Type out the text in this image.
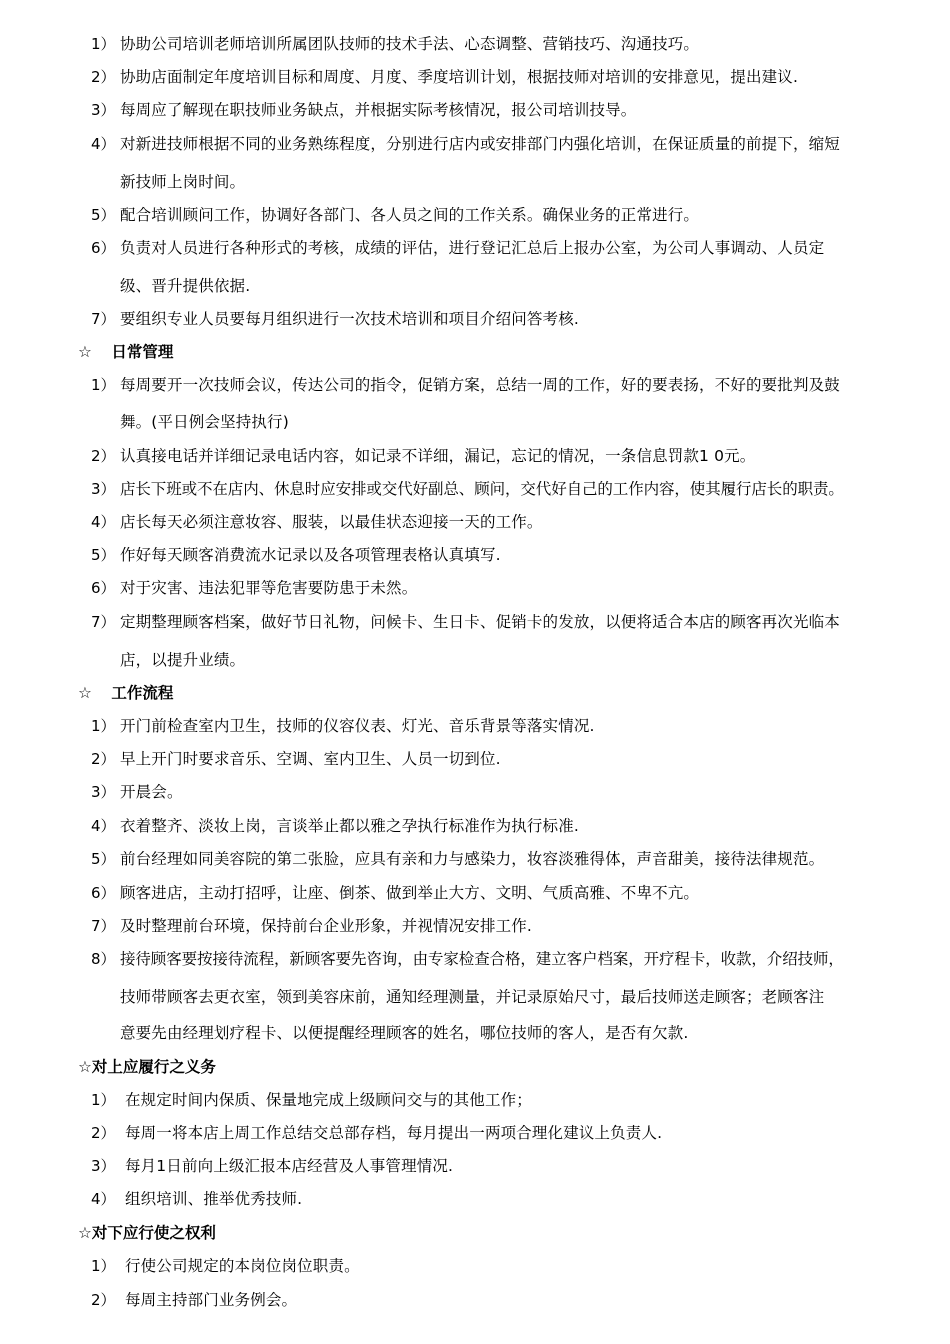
1） 协助公司培训老师培训所属团队技师的技术手法、心态调整、营销技巧、沟通技巧。
2） 协助店面制定年度培训目标和周度、月度、季度培训计划，根据技师对培训的安排意见，提出建议.
3） 每周应了解现在职技师业务缺点，并根据实际考核情况，报公司培训技导。
4） 对新进技师根据不同的业务熟练程度，分别进行店内或安排部门内强化培训，在保证质量的前提下，缩短
新技师上岗时间。
5） 配合培训顾问工作，协调好各部门、各人员之间的工作关系。确保业务的正常进行。
6） 负责对人员进行各种形式的考核，成绩的评估，进行登记汇总后上报办公室，为公司人事调动、人员定
级、晋升提供依据.
7） 要组织专业人员要每月组织进行一次技术培训和项目介绍问答考核.
☆ 日常管理
1） 每周要开一次技师会议，传达公司的指令，促销方案，总结一周的工作，好的要表扬，不好的要批判及鼓
舞。(平日例会坚持执行)
2） 认真接电话并详细记录电话内容，如记录不详细，漏记，忘记的情况，一条信息罚款1 0元。
3） 店长下班或不在店内、休息时应安排或交代好副总、顾问，交代好自己的工作内容，使其履行店长的职责。
4） 店长每天必须注意妆容、服装，以最佳状态迎接一天的工作。
5） 作好每天顾客消费流水记录以及各项管理表格认真填写.
6） 对于灾害、违法犯罪等危害要防患于未然。
7） 定期整理顾客档案，做好节日礼物，问候卡、生日卡、促销卡的发放，以便将适合本店的顾客再次光临本
店，以提升业绩。
☆ 工作流程
1） 开门前检查室内卫生，技师的仪容仪表、灯光、音乐背景等落实情况.
2） 早上开门时要求音乐、空调、室内卫生、人员一切到位.
3） 开晨会。
4） 衣着整齐、淡妆上岗，言谈举止都以雅之孕执行标准作为执行标准.
5） 前台经理如同美容院的第二张脸，应具有亲和力与感染力，妆容淡雅得体，声音甜美，接待法律规范。
6） 顾客进店，主动打招呼，让座、倒茶、做到举止大方、文明、气质高雅、不卑不亢。
7） 及时整理前台环境，保持前台企业形象，并视情况安排工作.
8） 接待顾客要按接待流程，新顾客要先咨询，由专家检查合格，建立客户档案，开疗程卡，收款，介绍技师，
技师带顾客去更衣室，领到美容床前，通知经理测量，并记录原始尺寸，最后技师送走顾客；老顾客注
意要先由经理划疗程卡、以便提醒经理顾客的姓名，哪位技师的客人，是否有欠款.
☆对上应履行之义务
1） 在规定时间内保质、保量地完成上级顾问交与的其他工作；
2） 每周一将本店上周工作总结交总部存档，每月提出一两项合理化建议上负责人.
3） 每月1日前向上级汇报本店经营及人事管理情况.
4） 组织培训、推举优秀技师.
☆对下应行使之权利
1） 行使公司规定的本岗位岗位职责。
2） 每周主持部门业务例会。
